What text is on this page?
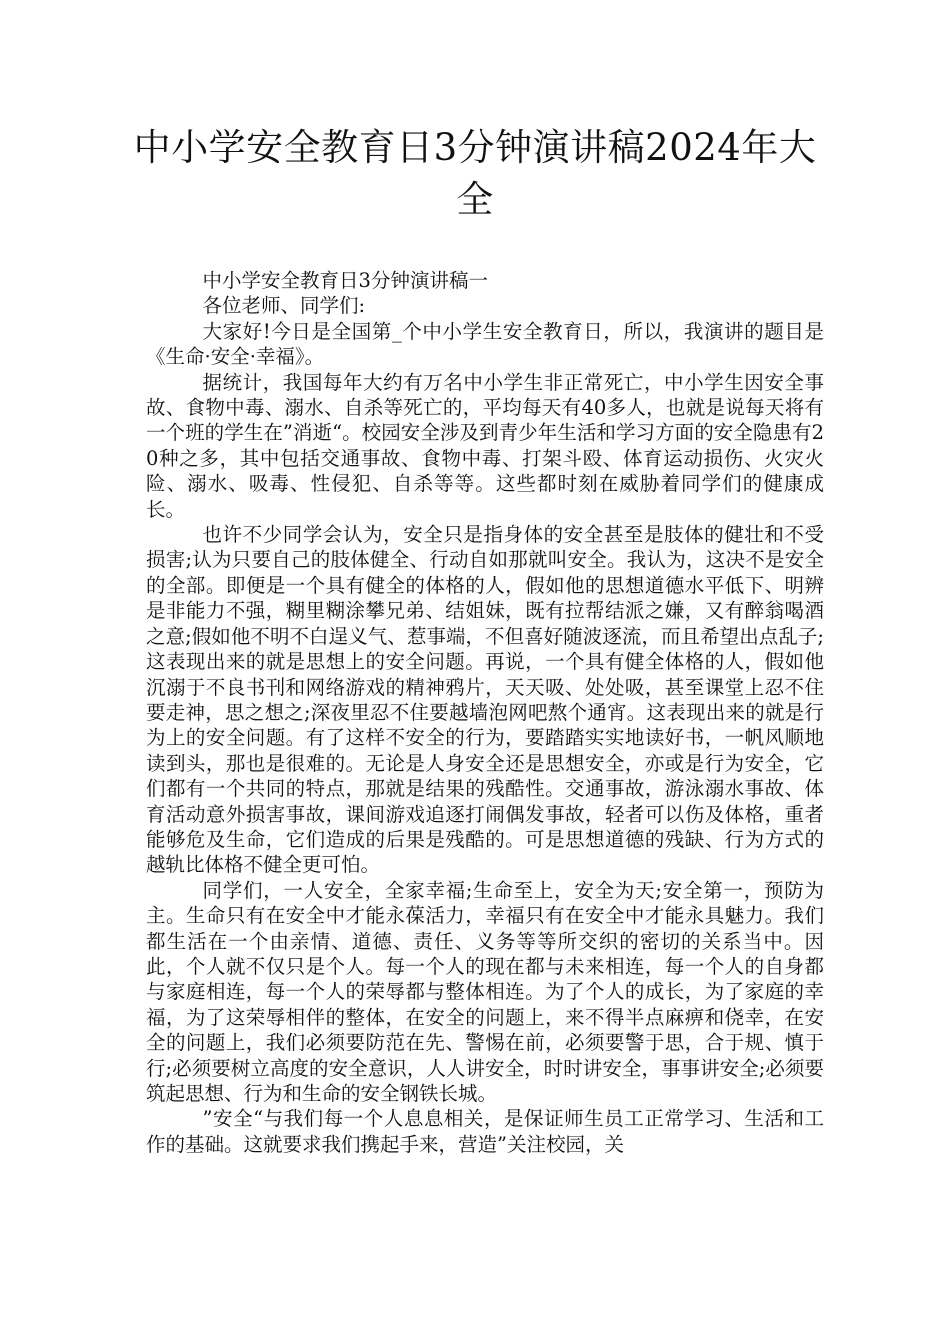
中小学安全教育日3分钟演讲稿2024年大全

中小学安全教育日3分钟演讲稿一

各位老师、同学们:

大家好!今日是全国第_个中小学生安全教育日，所以，我演讲的题目是《生命·安全·幸福》。

据统计，我国每年大约有万名中小学生非正常死亡，中小学生因安全事故、食物中毒、溺水、自杀等死亡的，平均每天有40多人，也就是说每天将有一个班的学生在”消逝“。校园安全涉及到青少年生活和学习方面的安全隐患有20种之多，其中包括交通事故、食物中毒、打架斗殴、体育运动损伤、火灾火险、溺水、吸毒、性侵犯、自杀等等。这些都时刻在威胁着同学们的健康成长。

也许不少同学会认为，安全只是指身体的安全甚至是肢体的健壮和不受损害;认为只要自己的肢体健全、行动自如那就叫安全。我认为，这决不是安全的全部。即便是一个具有健全的体格的人，假如他的思想道德水平低下、明辨是非能力不强，糊里糊涂攀兄弟、结姐妹，既有拉帮结派之嫌，又有醉翁喝酒之意;假如他不明不白逞义气、惹事端，不但喜好随波逐流，而且希望出点乱子;这表现出来的就是思想上的安全问题。再说，一个具有健全体格的人，假如他沉溺于不良书刊和网络游戏的精神鸦片，天天吸、处处吸，甚至课堂上忍不住要走神，思之想之;深夜里忍不住要越墙泡网吧熬个通宵。这表现出来的就是行为上的安全问题。有了这样不安全的行为，要踏踏实实地读好书，一帆风顺地读到头，那也是很难的。无论是人身安全还是思想安全，亦或是行为安全，它们都有一个共同的特点，那就是结果的残酷性。交通事故，游泳溺水事故、体育活动意外损害事故，课间游戏追逐打闹偶发事故，轻者可以伤及体格，重者能够危及生命，它们造成的后果是残酷的。可是思想道德的残缺、行为方式的越轨比体格不健全更可怕。

同学们，一人安全，全家幸福;生命至上，安全为天;安全第一，预防为主。生命只有在安全中才能永葆活力，幸福只有在安全中才能永具魅力。我们都生活在一个由亲情、道德、责任、义务等等所交织的密切的关系当中。因此，个人就不仅只是个人。每一个人的现在都与未来相连，每一个人的自身都与家庭相连，每一个人的荣辱都与整体相连。为了个人的成长，为了家庭的幸福，为了这荣辱相伴的整体，在安全的问题上，来不得半点麻痹和侥幸，在安全的问题上，我们必须要防范在先、警惕在前，必须要警于思，合于规、慎于行;必须要树立高度的安全意识，人人讲安全，时时讲安全，事事讲安全;必须要筑起思想、行为和生命的安全钢铁长城。

”安全“与我们每一个人息息相关，是保证师生员工正常学习、生活和工作的基础。这就要求我们携起手来，营造”关注校园，关
